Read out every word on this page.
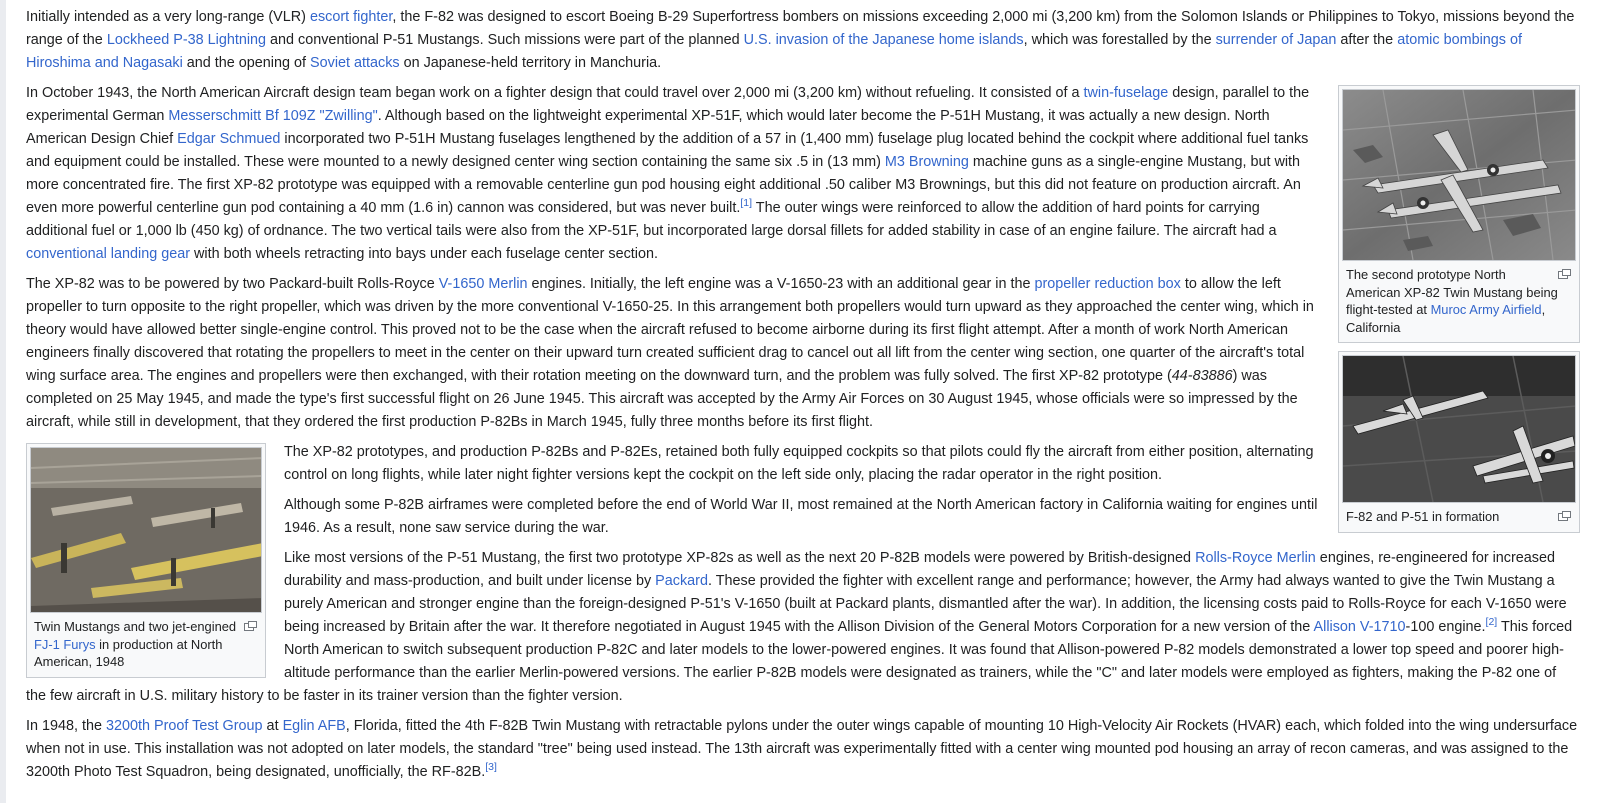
Initially intended as a very long-range (VLR) escort fighter, the F-82 was designed to escort Boeing B-29 Superfortress bombers on missions exceeding 2,000 mi (3,200 km) from the Solomon Islands or Philippines to Tokyo, missions beyond the range of the Lockheed P-38 Lightning and conventional P-51 Mustangs. Such missions were part of the planned U.S. invasion of the Japanese home islands, which was forestalled by the surrender of Japan after the atomic bombings of Hiroshima and Nagasaki and the opening of Soviet attacks on Japanese-held territory in Manchuria.

The second prototype North American XP-82 Twin Mustang being flight-tested at Muroc Army Airfield, California

In October 1943, the North American Aircraft design team began work on a fighter design that could travel over 2,000 mi (3,200 km) without refueling. It consisted of a twin-fuselage design, parallel to the experimental German Messerschmitt Bf 109Z "Zwilling". Although based on the lightweight experimental XP-51F, which would later become the P-51H Mustang, it was actually a new design. North American Design Chief Edgar Schmued incorporated two P-51H Mustang fuselages lengthened by the addition of a 57 in (1,400 mm) fuselage plug located behind the cockpit where additional fuel tanks and equipment could be installed. These were mounted to a newly designed center wing section containing the same six .5 in (13 mm) M3 Browning machine guns as a single-engine Mustang, but with more concentrated fire. The first XP-82 prototype was equipped with a removable centerline gun pod housing eight additional .50 caliber M3 Brownings, but this did not feature on production aircraft. An even more powerful centerline gun pod containing a 40 mm (1.6 in) cannon was considered, but was never built.[1] The outer wings were reinforced to allow the addition of hard points for carrying additional fuel or 1,000 lb (450 kg) of ordnance. The two vertical tails were also from the XP-51F, but incorporated large dorsal fillets for added stability in case of an engine failure. The aircraft had a conventional landing gear with both wheels retracting into bays under each fuselage center section.

F-82 and P-51 in formation

The XP-82 was to be powered by two Packard-built Rolls-Royce V-1650 Merlin engines. Initially, the left engine was a V-1650-23 with an additional gear in the propeller reduction box to allow the left propeller to turn opposite to the right propeller, which was driven by the more conventional V-1650-25. In this arrangement both propellers would turn upward as they approached the center wing, which in theory would have allowed better single-engine control. This proved not to be the case when the aircraft refused to become airborne during its first flight attempt. After a month of work North American engineers finally discovered that rotating the propellers to meet in the center on their upward turn created sufficient drag to cancel out all lift from the center wing section, one quarter of the aircraft's total wing surface area. The engines and propellers were then exchanged, with their rotation meeting on the downward turn, and the problem was fully solved. The first XP-82 prototype (44-83886) was completed on 25 May 1945, and made the type's first successful flight on 26 June 1945. This aircraft was accepted by the Army Air Forces on 30 August 1945, whose officials were so impressed by the aircraft, while still in development, that they ordered the first production P-82Bs in March 1945, fully three months before its first flight.

Twin Mustangs and two jet-engined FJ-1 Furys in production at North American, 1948

The XP-82 prototypes, and production P-82Bs and P-82Es, retained both fully equipped cockpits so that pilots could fly the aircraft from either position, alternating control on long flights, while later night fighter versions kept the cockpit on the left side only, placing the radar operator in the right position.

Although some P-82B airframes were completed before the end of World War II, most remained at the North American factory in California waiting for engines until 1946. As a result, none saw service during the war.

Like most versions of the P-51 Mustang, the first two prototype XP-82s as well as the next 20 P-82B models were powered by British-designed Rolls-Royce Merlin engines, re-engineered for increased durability and mass-production, and built under license by Packard. These provided the fighter with excellent range and performance; however, the Army had always wanted to give the Twin Mustang a purely American and stronger engine than the foreign-designed P-51's V-1650 (built at Packard plants, dismantled after the war). In addition, the licensing costs paid to Rolls-Royce for each V-1650 were being increased by Britain after the war. It therefore negotiated in August 1945 with the Allison Division of the General Motors Corporation for a new version of the Allison V-1710-100 engine.[2] This forced North American to switch subsequent production P-82C and later models to the lower-powered engines. It was found that Allison-powered P-82 models demonstrated a lower top speed and poorer high-altitude performance than the earlier Merlin-powered versions. The earlier P-82B models were designated as trainers, while the "C" and later models were employed as fighters, making the P-82 one of the few aircraft in U.S. military history to be faster in its trainer version than the fighter version.

In 1948, the 3200th Proof Test Group at Eglin AFB, Florida, fitted the 4th F-82B Twin Mustang with retractable pylons under the outer wings capable of mounting 10 High-Velocity Air Rockets (HVAR) each, which folded into the wing undersurface when not in use. This installation was not adopted on later models, the standard "tree" being used instead. The 13th aircraft was experimentally fitted with a center wing mounted pod housing an array of recon cameras, and was assigned to the 3200th Photo Test Squadron, being designated, unofficially, the RF-82B.[3]
